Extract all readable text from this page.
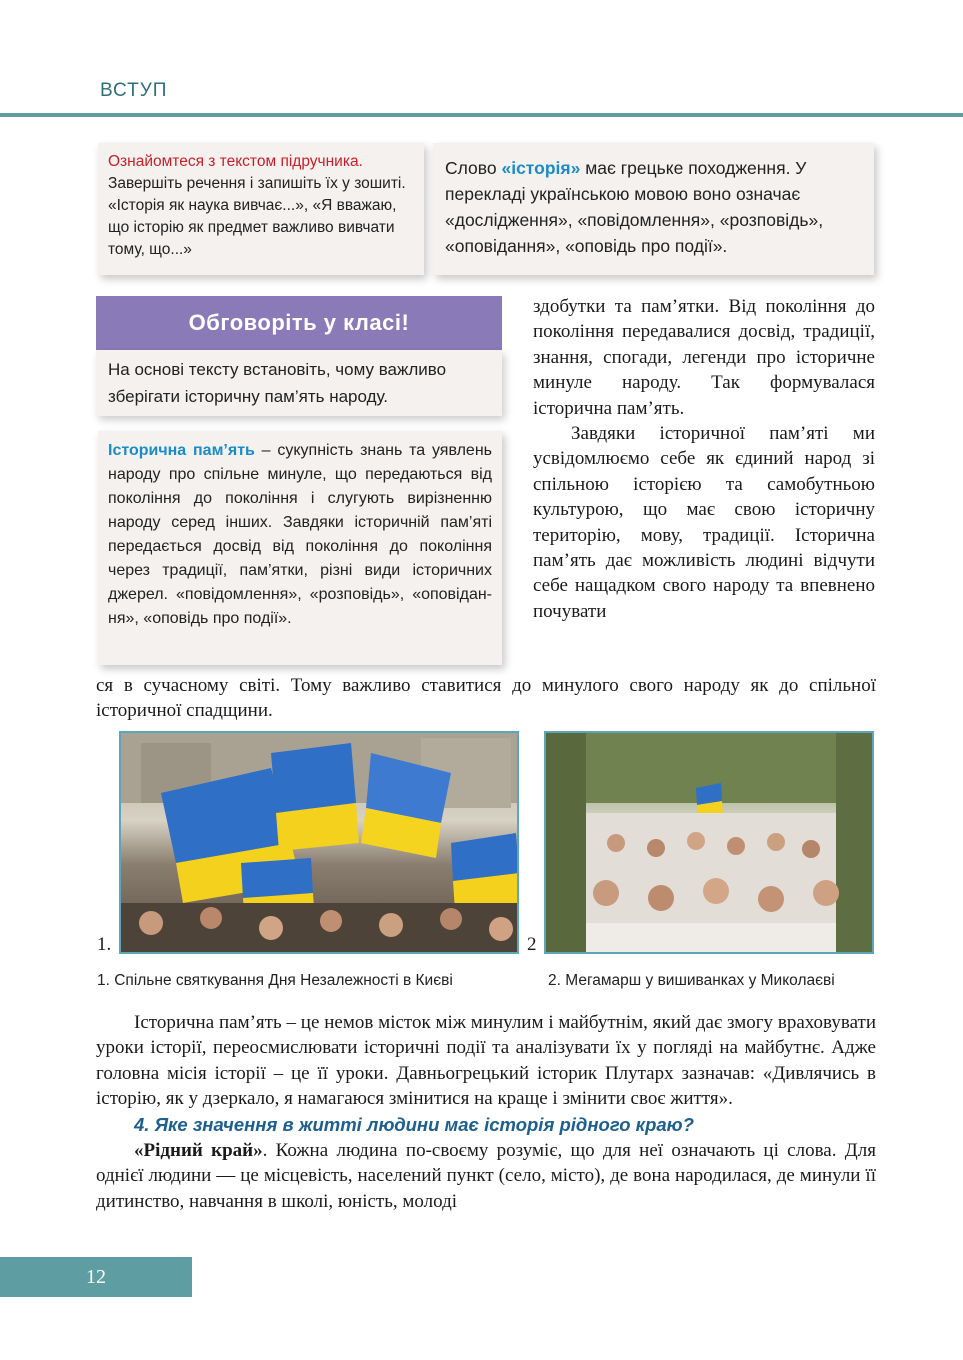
ВСТУП
Ознайомтеся з текстом підручника. Завершіть речення і запишіть їх у зошиті. «Історія як наука вивчає...», «Я вважаю, що історію як предмет важливо вивчати тому, що...»
Слово «історія» має грецьке походження. У перекладі українською мовою воно означає «дослідження», «повідомлення», «розповідь», «оповідання», «оповідь про події».
Обговоріть у класі!
На основі тексту встановіть, чому важливо зберігати історичну пам’ять народу.
Історична пам’ять – сукупність знань та уявлень народу про спільне минуле, що передаються від покоління до покоління і слугують вирізненню народу серед інших. Завдяки історичній пам’яті передається досвід від покоління до покоління через традиції, пам’ятки, різні види історичних джерел. «повідомлення», «розповідь», «оповідання», «оповідь про події».

здобутки та пам’ятки. Від покоління до покоління передавалися досвід, традиції, знання, спогади, легенди про історичне минуле народу. Так формувалася історична пам’ять.

Завдяки історичної пам’яті ми усвідомлюємо себе як єдиний народ зі спільною історією та самобутньою культурою, що має свою історичну територію, мову, традиції. Історична пам’ять дає можливість людині відчути себе нащадком свого народу та впевнено почувати

ся в сучасному світі. Тому важливо ставитися до минулого свого народу як до спільної історичної спадщини.

1.	2
1. Спільне святкування Дня Незалежності в Києві	2. Мегамарш у вишиванках у Миколаєві

Історична пам’ять – це немов місток між минулим і майбутнім, який дає змогу враховувати уроки історії, переосмислювати історичні події та аналізувати їх у погляді на майбутнє. Адже головна місія історії – це її уроки. Давньогрецький історик Плутарх зазначав: «Дивлячись в історію, як у дзеркало, я намагаюся змінитися на краще і змінити своє життя».

4. Яке значення в житті людини має історія рідного краю?

«Рідний край». Кожна людина по-своєму розуміє, що для неї означають ці слова. Для однієї людини — це місцевість, населений пункт (село, місто), де вона народилася, де минули її дитинство, навчання в школі, юність, молоді

12
